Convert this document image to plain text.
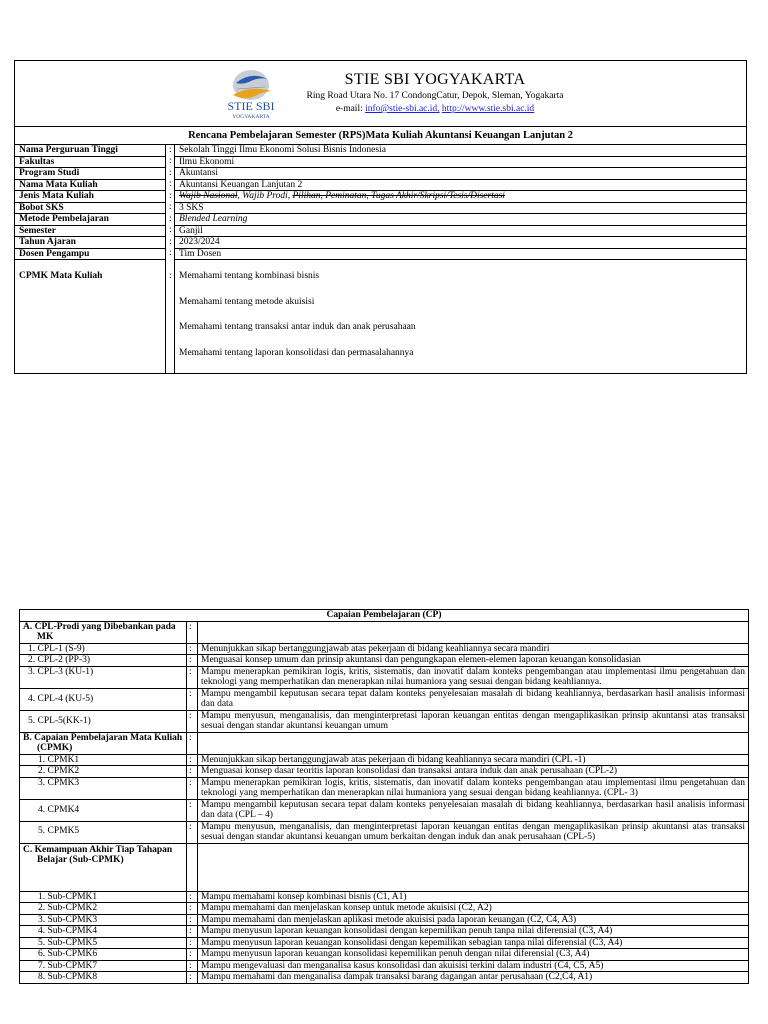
STIE SBI
YOGYAKARTA
STIE SBI YOGYAKARTA
Ring Road Utara No. 17 CondongCatur, Depok, Sleman, Yogakarta
e-mail: info@stie-sbi.ac.id, http://www.stie.sbi.ac.id
Rencana Pembelajaran Semester (RPS)Mata Kuliah Akuntansi Keuangan Lanjutan 2
Nama Perguruan Tinggi	:	Sekolah Tinggi Ilmu Ekonomi Solusi Bisnis Indonesia
Fakultas	:	Ilmu Ekonomi
Program Studi	:	Akuntansi
Nama Mata Kuliah	:	Akuntansi Keuangan Lanjutan 2
Jenis Mata Kuliah	:	Wajib Nasional, Wajib Prodi, Pilihan, Peminatan, Tugas Akhir/Skripsi/Tesis/Disertasi
Bobot SKS	:	3 SKS
Metode Pembelajaran	:	Blended Learning
Semester	:	Ganjil
Tahun Ajaran	:	2023/2024
Dosen Pengampu	:	Tim Dosen
CPMK Mata Kuliah	:	Memahami tentang kombinasi bisnis
Memahami tentang metode akuisisi
Memahami tentang transaksi antar induk dan anak perusahaan
Memahami tentang laporan konsolidasi dan permasalahannya
Capaian Pembelajaran (CP)		

A. CPL-Prodi yang Dibebankan pada MK	:	
1. CPL-1 (S-9)	:	Menunjukkan sikap bertanggungjawab atas pekerjaan di bidang keahliannya secara mandiri
2. CPL-2 (PP-3)	:	Menguasai konsep umum dan prinsip akuntansi dan pengungkapan elemen-elemen laporan keuangan konsolidasian
3. CPL-3 (KU-1)	:	Mampu menerapkan pemikiran logis, kritis, sistematis, dan inovatif dalam konteks pengembangan atau implementasi ilmu pengetahuan dan teknologi yang memperhatikan dan menerapkan nilai humaniora yang sesuai dengan bidang keahliannya.
4. CPL-4 (KU-5)	:	Mampu mengambil keputusan secara tepat dalam konteks penyelesaian masalah di bidang keahliannya, berdasarkan hasil analisis informasi dan data
5. CPL-5(KK-1)	:	Mampu menyusun, menganalisis, dan menginterpretasi laporan keuangan entitas dengan mengaplikasikan prinsip akuntansi atas transaksi sesuai dengan standar akuntansi keuangan umum

B. Capaian Pembelajaran Mata Kuliah (CPMK)	:	
1. CPMK1	:	Menunjukkan sikap bertanggungjawab atas pekerjaan di bidang keahliannya secara mandiri (CPL -1)
2. CPMK2	:	Menguasai konsep dasar teoritis laporan konsolidasi dan transaksi antara induk dan anak perusahaan (CPL-2)
3. CPMK3	:	Mampu menerapkan pemikiran logis, kritis, sistematis, dan inovatif dalam konteks pengembangan atau implementasi ilmu pengetahuan dan teknologi yang memperhatikan dan menerapkan nilai humaniora yang sesuai dengan bidang keahliannya. (CPL- 3)
4. CPMK4	:	Mampu mengambil keputusan secara tepat dalam konteks penyelesaian masalah di bidang keahliannya, berdasarkan hasil analisis informasi dan data (CPL – 4)
5. CPMK5	:	Mampu menyusun, menganalisis, dan menginterpretasi laporan keuangan entitas dengan mengaplikasikan prinsip akuntansi atas transaksi sesuai dengan standar akuntansi keuangan umum berkaitan dengan induk dan anak perusahaan (CPL-5)

C. Kemampuan Akhir Tiap Tahapan Belajar (Sub-CPMK)		

1. Sub-CPMK1	:	Mampu memahami konsep kombinasi bisnis (C1, A1)
2. Sub-CPMK2	:	Mampu memahami dan menjelaskan konsep untuk metode akuisisi (C2, A2)
3. Sub-CPMK3	:	Mampu memahami dan menjelaskan aplikasi metode akuisisi pada laporan keuangan (C2, C4, A3)
4. Sub-CPMK4	:	Mampu menyusun laporan keuangan konsolidasi dengan kepemilikan penuh tanpa nilai diferensial (C3, A4)
5. Sub-CPMK5	:	Mampu menyusun laporan keuangan konsolidasi dengan kepemilikan sebagian tanpa nilai diferensial (C3, A4)
6. Sub-CPMK6	:	Mampu menyusun laporan keuangan konsolidasi kepemilikan penuh dengan nilai diferensial (C3, A4)
7. Sub-CPMK7	:	Mampu mengevaluasi dan menganalisa kasus konsolidasi dan akuisisi terkini dalam industri (C4, C5, A5)
8. Sub-CPMK8	:	Mampu memahami dan menganalisa dampak transaksi barang dagangan antar perusahaan (C2,C4, A1)
